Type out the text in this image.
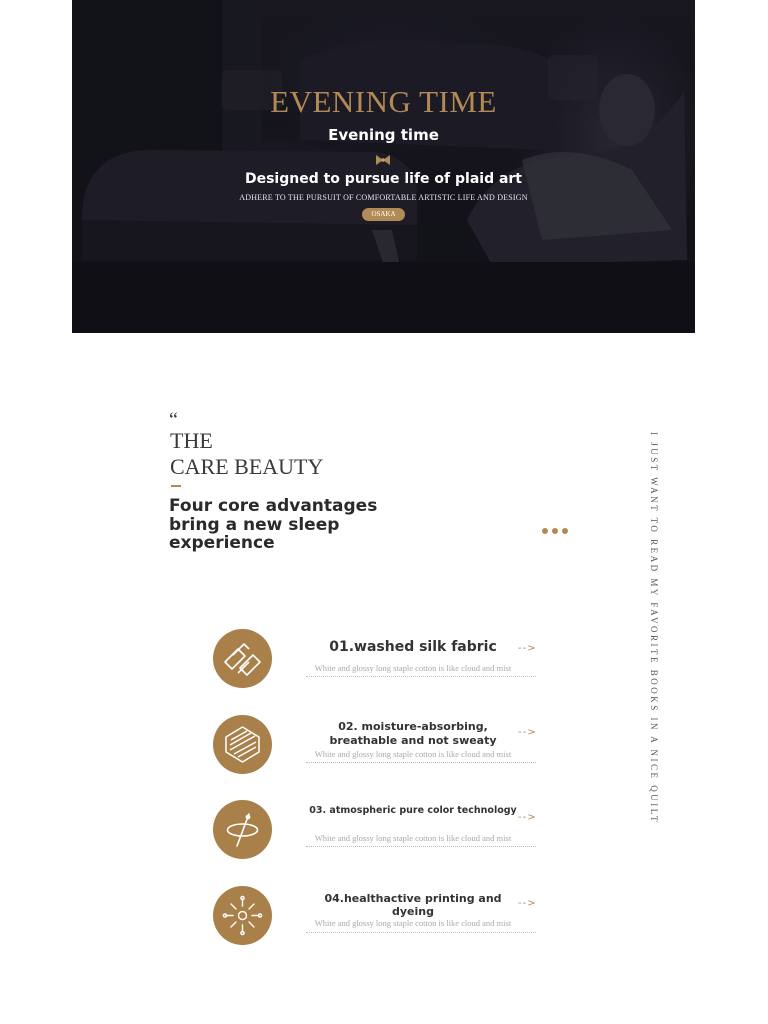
EVENING TIME
Evening time
Designed to pursue life of plaid art
ADHERE TO THE PURSUIT OF COMFORTABLE ARTISTIC LIFE AND DESIGN
OSAKA
“
THE
CARE BEAUTY
Four core advantages
bring a new sleep
experience	I JUST WANT TO READ MY FAVORITE BOOKS IN A NICE QUILT
01.washed silk fabric	-->
White and glossy long staple cotton is like cloud and mist
02. moisture-absorbing, breathable and not sweaty
-->
White and glossy long staple cotton is like cloud and mist
03. atmospheric pure color technology
-->
White and glossy long staple cotton is like cloud and mist
04.healthactive printing and dyeing
-->
White and glossy long staple cotton is like cloud and mist
